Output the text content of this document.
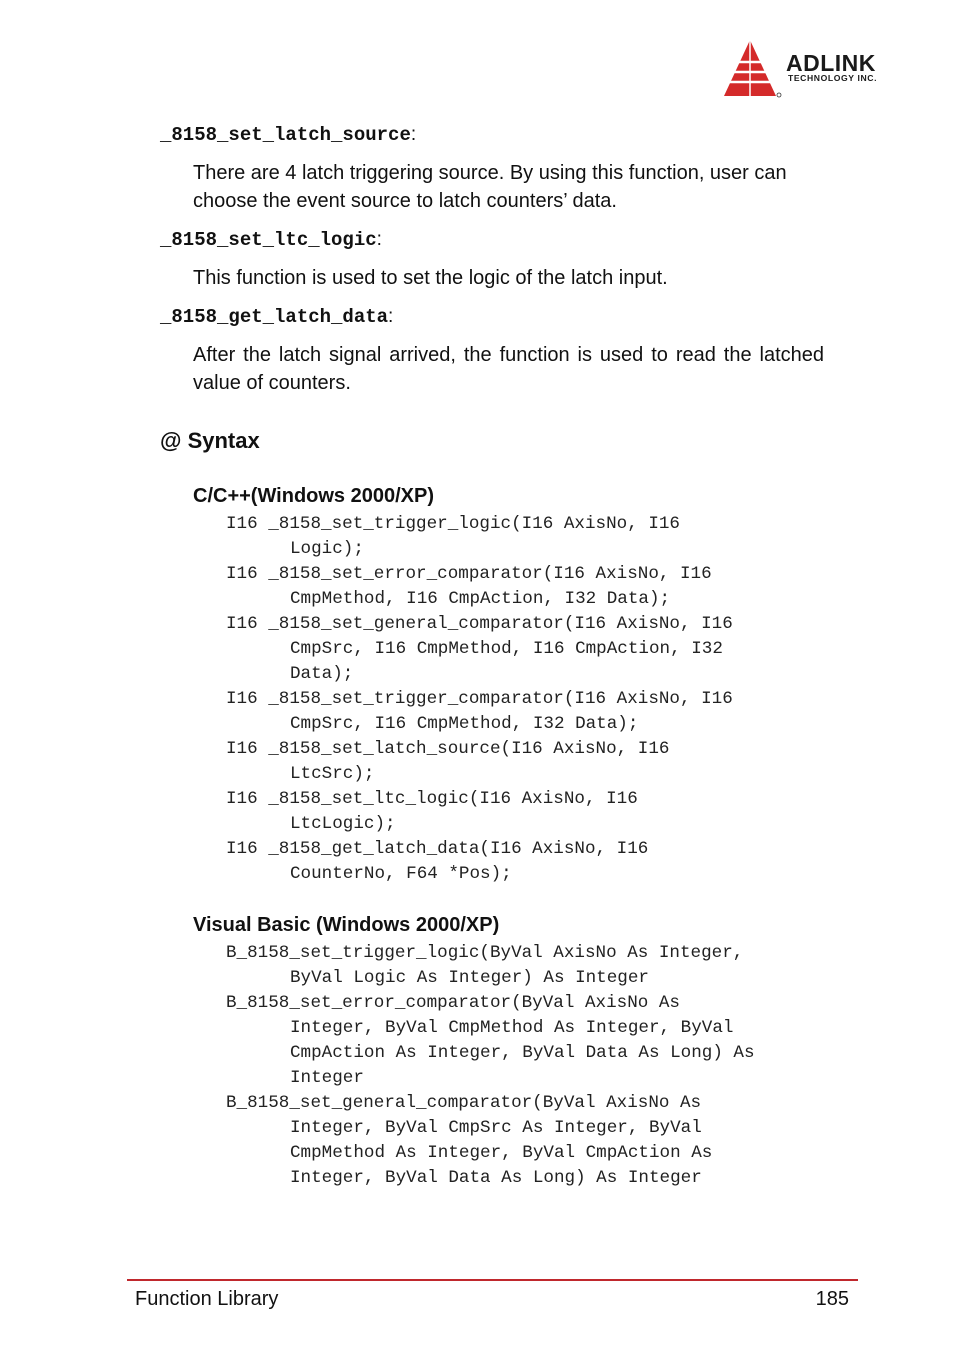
ADLINK
TECHNOLOGY INC.
_8158_set_latch_source:
There are 4 latch triggering source. By using this function, user can choose the event source to latch counters’ data.
_8158_set_ltc_logic:
This function is used to set the logic of the latch input.
_8158_get_latch_data:
After the latch signal arrived, the function is used to read the latched value of counters.
@ Syntax
C/C++(Windows 2000/XP)
I16 _8158_set_trigger_logic(I16 AxisNo, I16
Logic);
I16 _8158_set_error_comparator(I16 AxisNo, I16
CmpMethod, I16 CmpAction, I32 Data);
I16 _8158_set_general_comparator(I16 AxisNo, I16
CmpSrc, I16 CmpMethod, I16 CmpAction, I32
Data);
I16 _8158_set_trigger_comparator(I16 AxisNo, I16
CmpSrc, I16 CmpMethod, I32 Data);
I16 _8158_set_latch_source(I16 AxisNo, I16
LtcSrc);
I16 _8158_set_ltc_logic(I16 AxisNo, I16
LtcLogic);
I16 _8158_get_latch_data(I16 AxisNo, I16
CounterNo, F64 *Pos);
Visual Basic (Windows 2000/XP)
B_8158_set_trigger_logic(ByVal AxisNo As Integer,
ByVal Logic As Integer) As Integer
B_8158_set_error_comparator(ByVal AxisNo As
Integer, ByVal CmpMethod As Integer, ByVal
CmpAction As Integer, ByVal Data As Long) As
Integer
B_8158_set_general_comparator(ByVal AxisNo As
Integer, ByVal CmpSrc As Integer, ByVal
CmpMethod As Integer, ByVal CmpAction As
Integer, ByVal Data As Long) As Integer
Function Library	185
